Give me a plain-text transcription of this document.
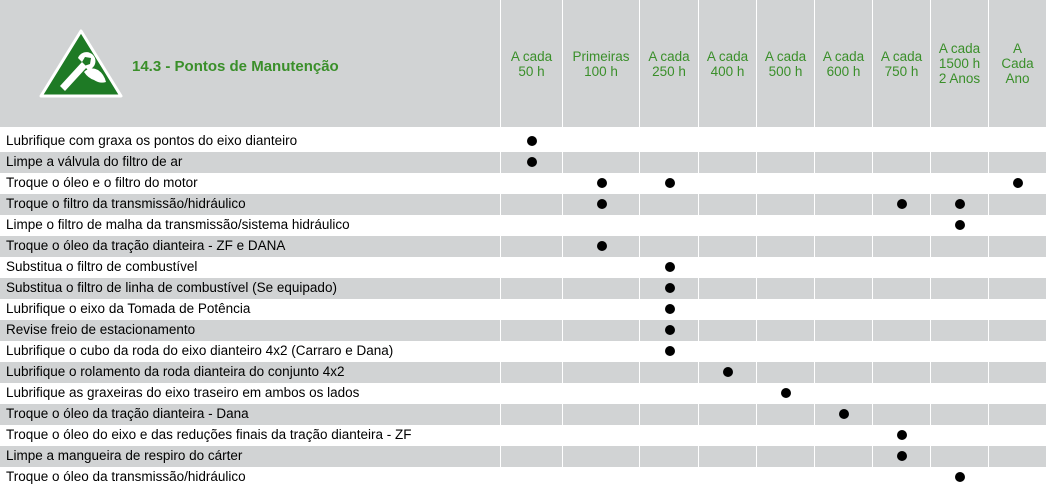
14.3 - Pontos de Manutenção
A cada
50 h
Primeiras
100 h
A cada
250 h
A cada
400 h
A cada
500 h
A cada
600 h
A cada
750 h
A cada
1500 h
2 Anos
A
Cada
Ano
Lubrifique com graxa os pontos do eixo dianteiro
Limpe a válvula do filtro de ar
Troque o óleo e o filtro do motor
Troque o filtro da transmissão/hidráulico
Limpe o filtro de malha da transmissão/sistema hidráulico
Troque o óleo da tração dianteira - ZF e DANA
Substitua o filtro de combustível
Substitua o filtro de linha de combustível (Se equipado)
Lubrifique o eixo da Tomada de Potência
Revise freio de estacionamento
Lubrifique o cubo da roda do eixo dianteiro 4x2 (Carraro e Dana)
Lubrifique o rolamento da roda dianteira do conjunto 4x2
Lubrifique as graxeiras do eixo traseiro em ambos os lados
Troque o óleo da tração dianteira - Dana
Troque o óleo do eixo e das reduções finais da tração dianteira - ZF
Limpe a mangueira de respiro do cárter
Troque o óleo da transmissão/hidráulico
